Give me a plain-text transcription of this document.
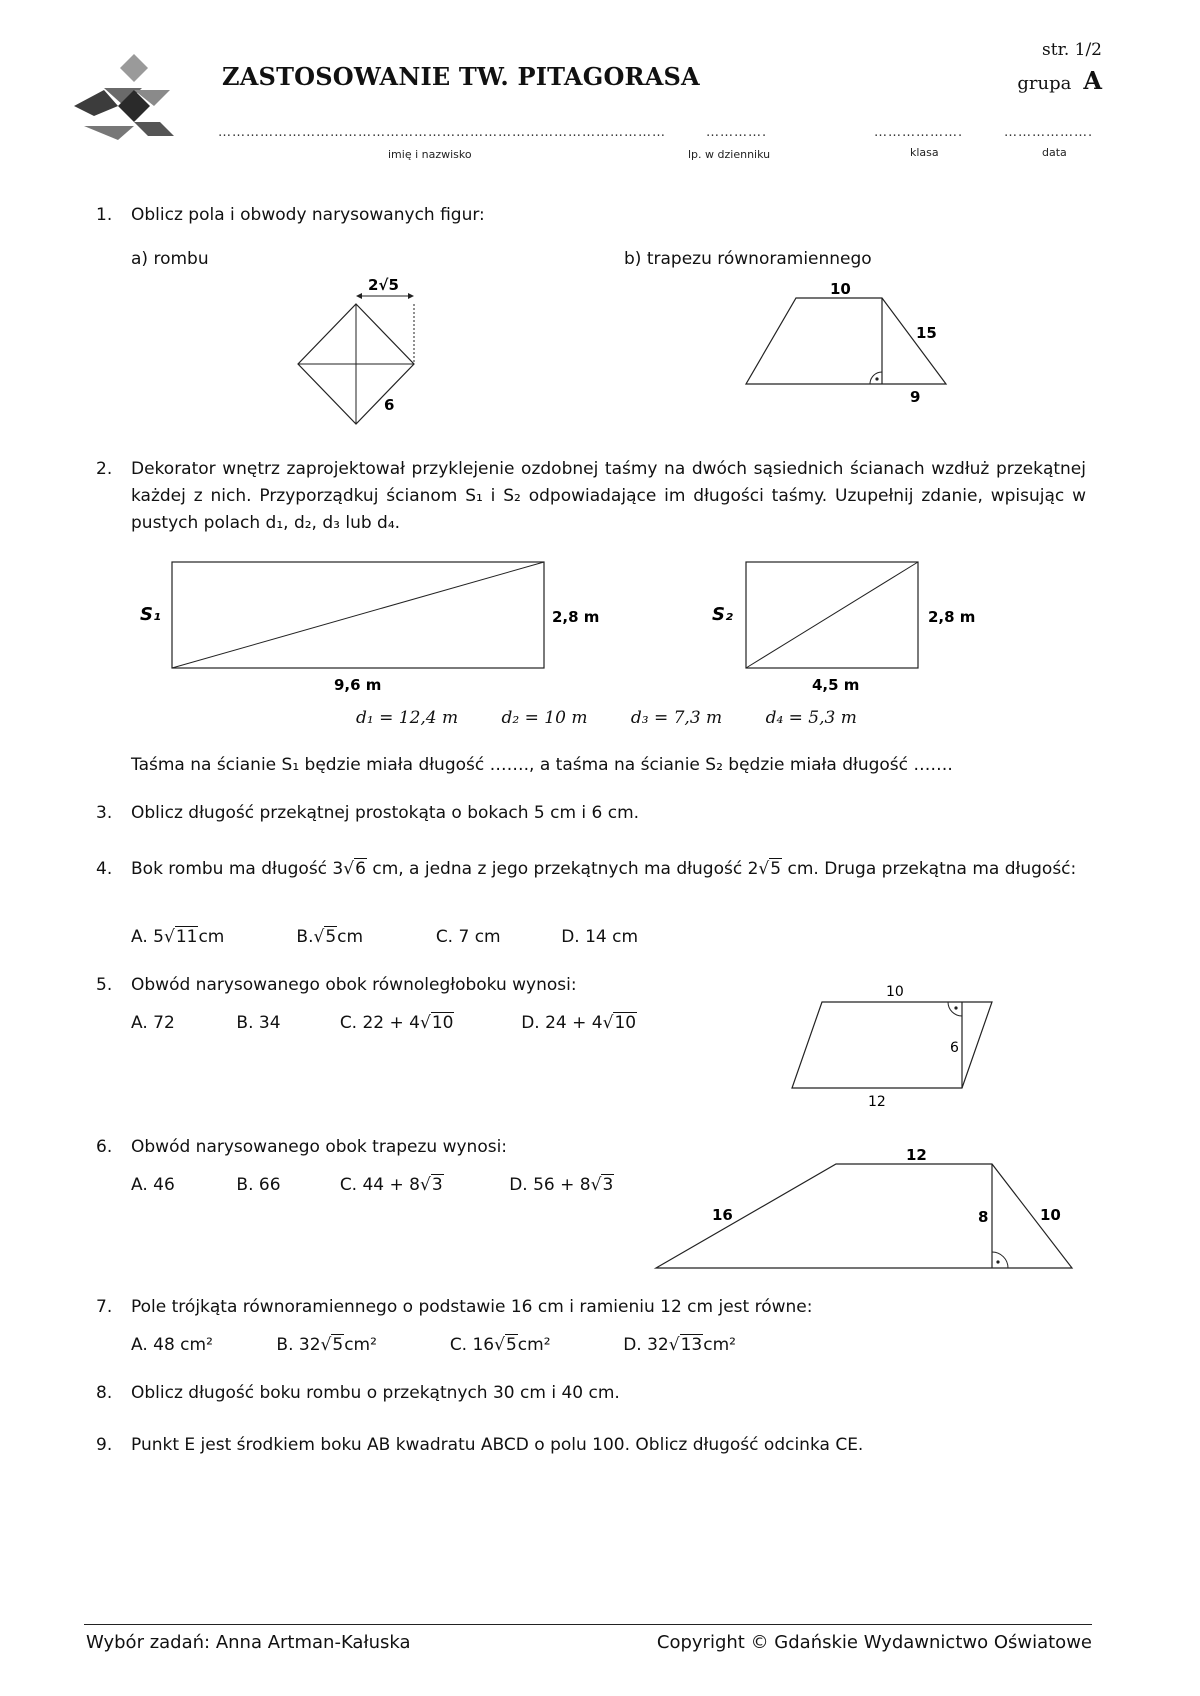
ZASTOSOWANIE TW. PITAGORASA
str. 1/2
grupa A
……………………………………………………………………………………
imię i nazwisko
………….
lp. w dzienniku
……………….
klasa
……………….
data
1.	Oblicz pola i obwody narysowanych figur:
a) rombu	b) trapezu równoramiennego
2√5
6
10
15
9
2.	Dekorator wnętrz zaprojektował przyklejenie ozdobnej taśmy na dwóch sąsiednich ścianach wzdłuż przekątnej każdej z nich. Przyporządkuj ścianom S₁ i S₂ odpowiadające im długości taśmy. Uzupełnij zdanie, wpisując w pustych polach d₁, d₂, d₃ lub d₄.
S₁	2,8 m
9,6 m
S₂	2,8 m
4,5 m
d₁ = 12,4 m	d₂ = 10 m	d₃ = 7,3 m	d₄ = 5,3 m
Taśma na ścianie S₁ będzie miała długość ……., a taśma na ścianie S₂ będzie miała długość …….
3.	Oblicz długość przekątnej prostokąta o bokach 5 cm i 6 cm.
4.	Bok rombu ma długość 3√6 cm, a jedna z jego przekątnych ma długość 2√5 cm. Druga przekątna ma długość:
A. 5√11cm	B.√5cm	C. 7 cm	D. 14 cm
5.	Obwód narysowanego obok równoległoboku wynosi:
A. 72	B. 34	C. 22 + 4√10	D. 24 + 4√10
10
6
12
6.	Obwód narysowanego obok trapezu wynosi:
A. 46	B. 66	C. 44 + 8√3	D. 56 + 8√3
12
16	8	10
7.	Pole trójkąta równoramiennego o podstawie 16 cm i ramieniu 12 cm jest równe:
A. 48 cm²	B. 32√5cm²	C. 16√5cm²	D. 32√13cm²
8.	Oblicz długość boku rombu o przekątnych 30 cm i 40 cm.
9.	Punkt E jest środkiem boku AB kwadratu ABCD o polu 100. Oblicz długość odcinka CE.
Wybór zadań: Anna Artman-Kałuska	Copyright © Gdańskie Wydawnictwo Oświatowe
